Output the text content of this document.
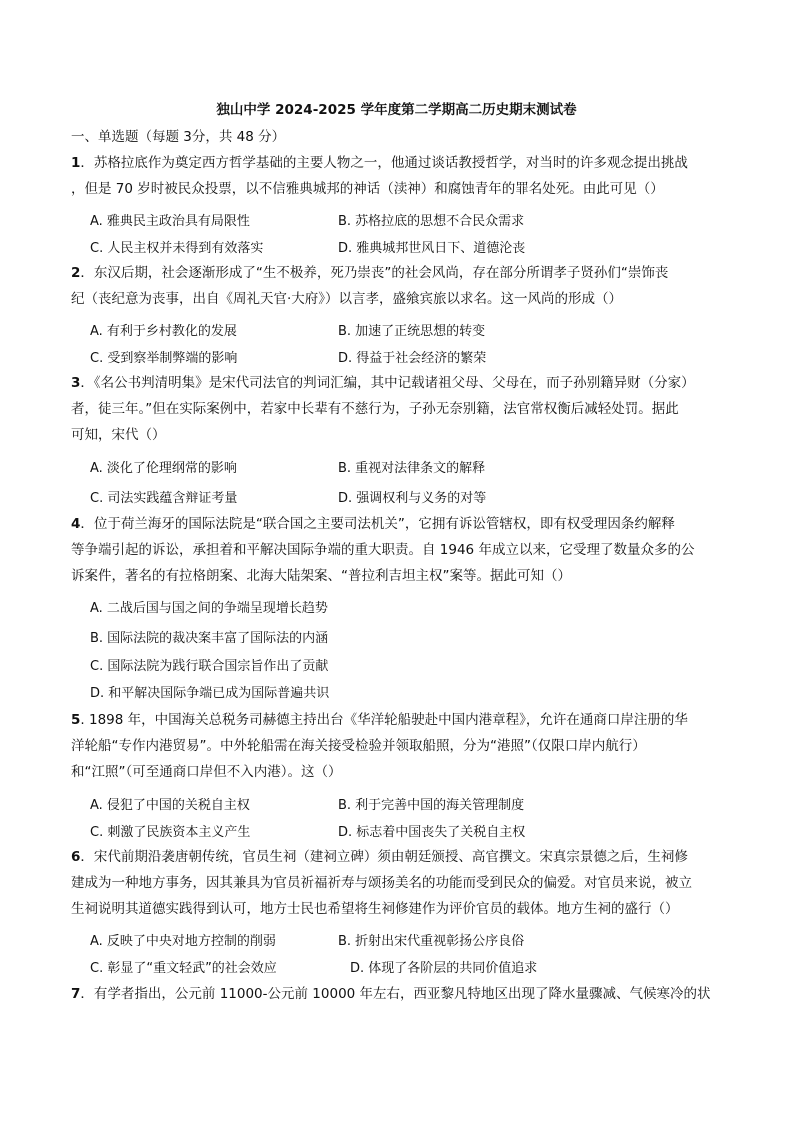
独山中学 2024-2025 学年度第二学期高二历史期末测试卷
一、单选题（每题 3分，共 48 分）
1．苏格拉底作为奠定西方哲学基础的主要人物之一，他通过谈话教授哲学，对当时的许多观念提出挑战
，但是 70 岁时被民众投票，以不信雅典城邦的神话（渎神）和腐蚀青年的罪名处死。由此可见（）
A. 雅典民主政治具有局限性	B. 苏格拉底的思想不合民众需求
C. 人民主权并未得到有效落实	D. 雅典城邦世风日下、道德沦丧
2．东汉后期，社会逐渐形成了“生不极养，死乃崇丧”的社会风尚，存在部分所谓孝子贤孙们“崇饰丧
纪（丧纪意为丧事，出自《周礼天官·大府》）以言孝，盛飨宾旅以求名。这一风尚的形成（）
A. 有利于乡村教化的发展	B. 加速了正统思想的转变
C. 受到察举制弊端的影响	D. 得益于社会经济的繁荣
3．《名公书判清明集》是宋代司法官的判词汇编，其中记载诸祖父母、父母在，而子孙别籍异财（分家）
者，徒三年。”但在实际案例中，若家中长辈有不慈行为，子孙无奈别籍，法官常权衡后减轻处罚。据此
可知，宋代（）
A. 淡化了伦理纲常的影响	B. 重视对法律条文的解释
C. 司法实践蕴含辩证考量	D. 强调权利与义务的对等
4．位于荷兰海牙的国际法院是“联合国之主要司法机关”，它拥有诉讼管辖权，即有权受理因条约解释
等争端引起的诉讼，承担着和平解决国际争端的重大职责。自 1946 年成立以来，它受理了数量众多的公
诉案件，著名的有拉格朗案、北海大陆架案、“普拉利吉坦主权”案等。据此可知（）
A. 二战后国与国之间的争端呈现增长趋势
B. 国际法院的裁决案丰富了国际法的内涵
C. 国际法院为践行联合国宗旨作出了贡献
D. 和平解决国际争端已成为国际普遍共识
5. 1898 年，中国海关总税务司赫德主持出台《华洋轮船驶赴中国内港章程》，允许在通商口岸注册的华
洋轮船“专作内港贸易”。中外轮船需在海关接受检验并领取船照，分为“港照”（仅限口岸内航行）
和“江照”（可至通商口岸但不入内港）。这（）
A. 侵犯了中国的关税自主权	B. 利于完善中国的海关管理制度
C. 刺激了民族资本主义产生	D. 标志着中国丧失了关税自主权
6．宋代前期沿袭唐朝传统，官员生祠（建祠立碑）须由朝廷颁授、高官撰文。宋真宗景德之后，生祠修
建成为一种地方事务，因其兼具为官员祈福祈寿与颂扬美名的功能而受到民众的偏爱。对官员来说，被立
生祠说明其道德实践得到认可，地方士民也希望将生祠修建作为评价官员的载体。地方生祠的盛行（）
A. 反映了中央对地方控制的削弱	B. 折射出宋代重视彰扬公序良俗
C. 彰显了“重文轻武”的社会效应	D. 体现了各阶层的共同价值追求
7．有学者指出，公元前 11000-公元前 10000 年左右，西亚黎凡特地区出现了降水量骤减、气候寒冷的状
